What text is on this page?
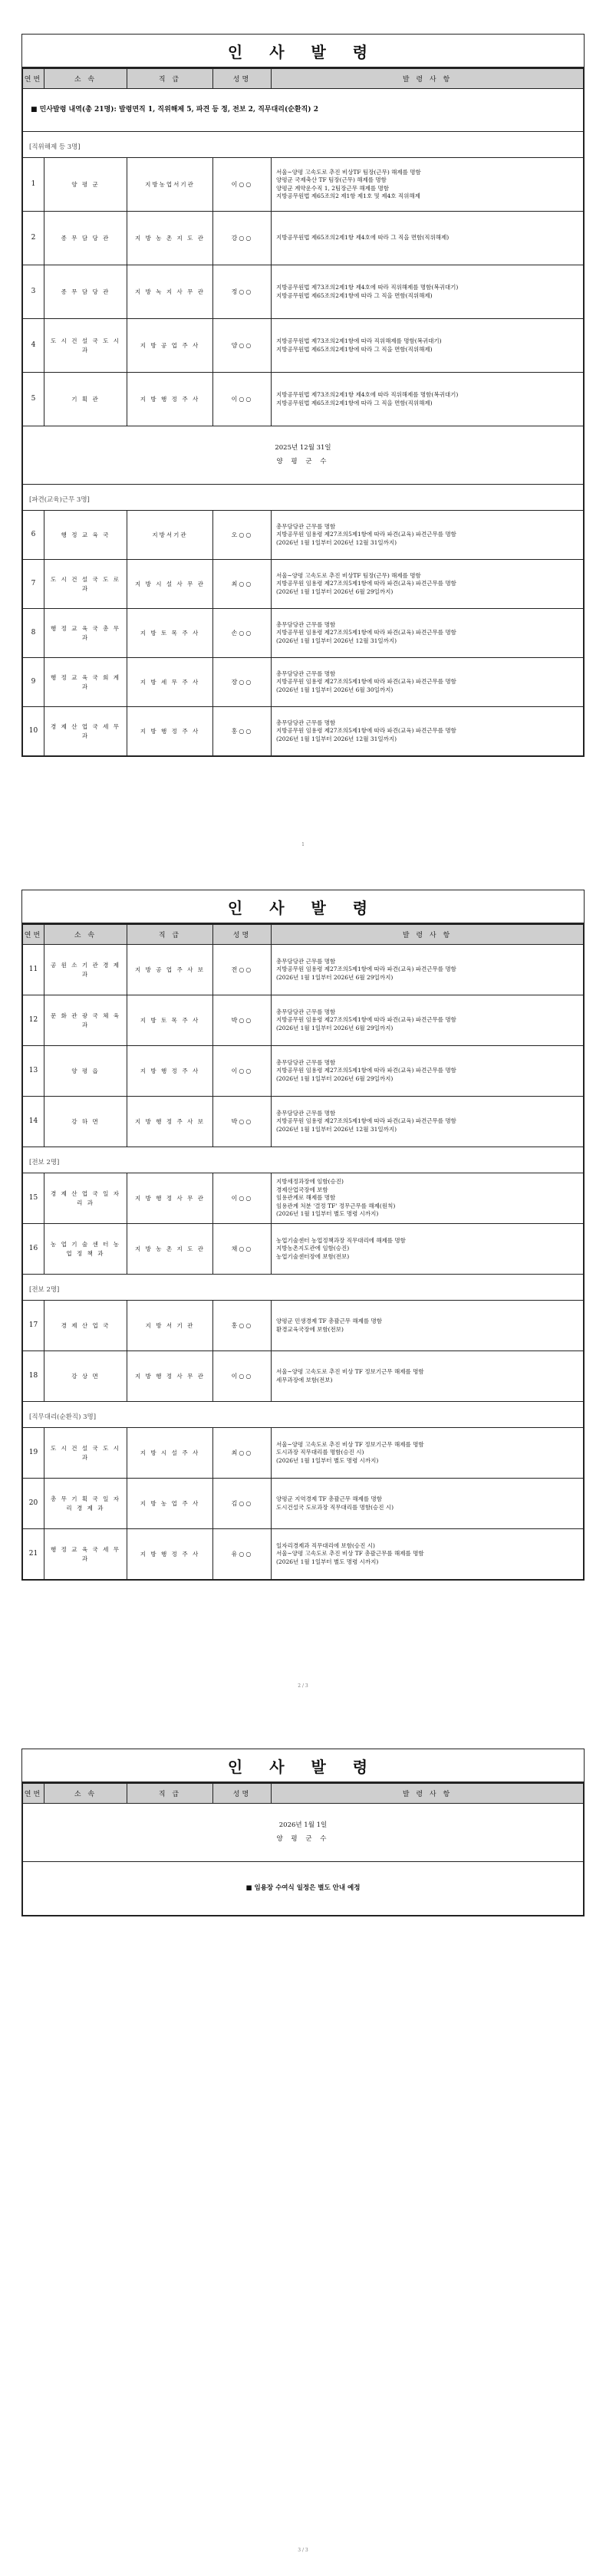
인 사 발 령
연번	소 속	직 급	성명	발 령 사 항
■ 민사발령 내역(총 21명): 발령면직 1, 직위해제 5, 파견 등 정, 전보 2, 직무대리(순환직) 2				
[직위해제 등 3명]				
1	양 평 군	지방농업서기관	이○○	서울~양평 고속도로 추진 비상TF 팀장(근무) 해제를 명함
양평군 국제축산 TF 팀장(근무) 해제를 명함
양평군 계약운수직 1, 2팀장근무 해제를 명함
지방공무원법 제65조의2 제1항 제1호 및 제4호 직위해제

2	종 무 담 당 관	지 방 농 촌 지 도 관	강○○	지방공무원법 제65조의2제1항 제4호에 따라 그 직을 면함(직위해제)

3	종 무 담 당 관	지 방 녹 지 사 무 관	정○○	지방공무원법 제73조의2제1항 제4호에 따라 직위해제를 명함(복귀대기)
지방공무원법 제65조의2제1항에 따라 그 직을 면함(직위해제)

4	도 시 건 설 국 도 시 과	지 방 공 업 주 사	양○○	지방공무원법 제73조의2제1항에 따라 직위해제를 명함(복귀대기)
지방공무원법 제65조의2제1항에 따라 그 직을 면함(직위해제)

5	기 획 관	지 방 행 정 주 사	이○○	지방공무원법 제73조의2제1항 제4호에 따라 직위해제를 명함(복귀대기)
지방공무원법 제65조의2제1항에 따라 그 직을 면함(직위해제)

2025년 12월 31일
양 평 군 수				

[파견(교육)근무 3명]				
6	행 정 교 육 국	지방서기관	오○○	총무담당관 근무를 명함
지방공무원 임용령 제27조의5제1항에 따라 파견(교육) 파견근무를 명함
(2026년 1월 1일부터 2026년 12월 31일까지)

7	도 시 건 설 국 도 로 과	지 방 시 설 사 무 관	최○○	서울~양평 고속도로 추진 비상TF 팀장(근무) 해제를 명함
지방공무원 임용령 제27조의5제1항에 따라 파견(교육) 파견근무를 명함
(2026년 1월 1일부터 2026년 6월 29일까지)

8	행 정 교 육 국 총 무 과	지 방 토 목 주 사	손○○	총무담당관 근무를 명함
지방공무원 임용령 제27조의5제1항에 따라 파견(교육) 파견근무를 명함
(2026년 1월 1일부터 2026년 12월 31일까지)

9	행 정 교 육 국 회 계 과	지 방 세 무 주 사	장○○	총무담당관 근무를 명함
지방공무원 임용령 제27조의5제1항에 따라 파견(교육) 파견근무를 명함
(2026년 1월 1일부터 2026년 6월 30일까지)

10	경 제 산 업 국 세 무 과	지 방 행 정 주 사	홍○○	총무담당관 근무를 명함
지방공무원 임용령 제27조의5제1항에 따라 파견(교육) 파견근무를 명함
(2026년 1월 1일부터 2026년 12월 31일까지)
1
인 사 발 령
연번	소 속	직 급	성명	발 령 사 항
11	공 원 소 기 관 경 제 과	지 방 공 업 주 사 보	전○○	총무담당관 근무를 명함
지방공무원 임용령 제27조의5제1항에 따라 파견(교육) 파견근무를 명함
(2026년 1월 1일부터 2026년 6월 29일까지)

12	문 화 관 광 국 체 육 과	지 방 토 목 주 사	박○○	총무담당관 근무를 명함
지방공무원 임용령 제27조의5제1항에 따라 파견(교육) 파견근무를 명함
(2026년 1월 1일부터 2026년 6월 29일까지)

13	양 평 읍	지 방 행 정 주 사	이○○	총무담당관 근무를 명함
지방공무원 임용령 제27조의5제1항에 따라 파견(교육) 파견근무를 명함
(2026년 1월 1일부터 2026년 6월 29일까지)

14	강 하 면	지 방 행 정 주 사 보	박○○	총무담당관 근무를 명함
지방공무원 임용령 제27조의5제1항에 따라 파견(교육) 파견근무를 명함
(2026년 1월 1일부터 2026년 12월 31일까지)

[전보 2명]				
15	경 제 산 업 국 일 자 리 과	지 방 행 정 사 무 관	이○○	지방세정과장에 임함(승진)
경제산업국장에 보함
임용관계로 해제를 명함
임용관계 처분 '결정 TF' 정무근무를 해제(원칙)
(2026년 1월 1일부터 별도 명령 시까지)

16	농 업 기 술 센 터 농 업 정 책 과	지 방 농 촌 지 도 관	채○○	농업기술센터 농업정책과장 직무대리에 해제를 명함
지방농촌지도관에 임함(승진)
농업기술센터장에 보함(전보)

[전보 2명]				
17	경 제 산 업 국	지 방 서 기 관	홍○○	양평군 민생경제 TF 총괄근무 해제를 명함
환경교육국장에 보함(전보)

18	강 상 면	지 방 행 정 사 무 관	이○○	서울~양평 고속도로 추진 비상 TF 정보기근무 해제를 명함
세무과장에 보함(전보)

[직무대리(순환직) 3명]				
19	도 시 건 설 국 도 시 과	지 방 시 설 주 사	최○○	서울~양평 고속도로 추진 비상 TF 정보기근무 해제를 명함
도시과장 직무대리를 명함(승진 시)
(2026년 1월 1일부터 별도 명령 시까지)

20	총 무 기 획 국 일 자 리 경 제 과	지 방 농 업 주 사	김○○	양평군 지역경제 TF 총괄근무 해제를 명함
도시건설국 도로과장 직무대리를 명함(승진 시)

21	행 정 교 육 국 세 무 과	지 방 행 정 주 사	유○○	일자리경제과 직무대리에 보함(승진 시)
서울~양평 고속도로 추진 비상 TF 총괄근무를 해제를 명함
(2026년 1월 1일부터 별도 명령 시까지)
2 / 3
인 사 발 령
연번	소 속	직 급	성명	발 령 사 항

2026년 1월 1일
양 평 군 수

■ 임용장 수여식 일정은 별도 안내 예정
3 / 3
